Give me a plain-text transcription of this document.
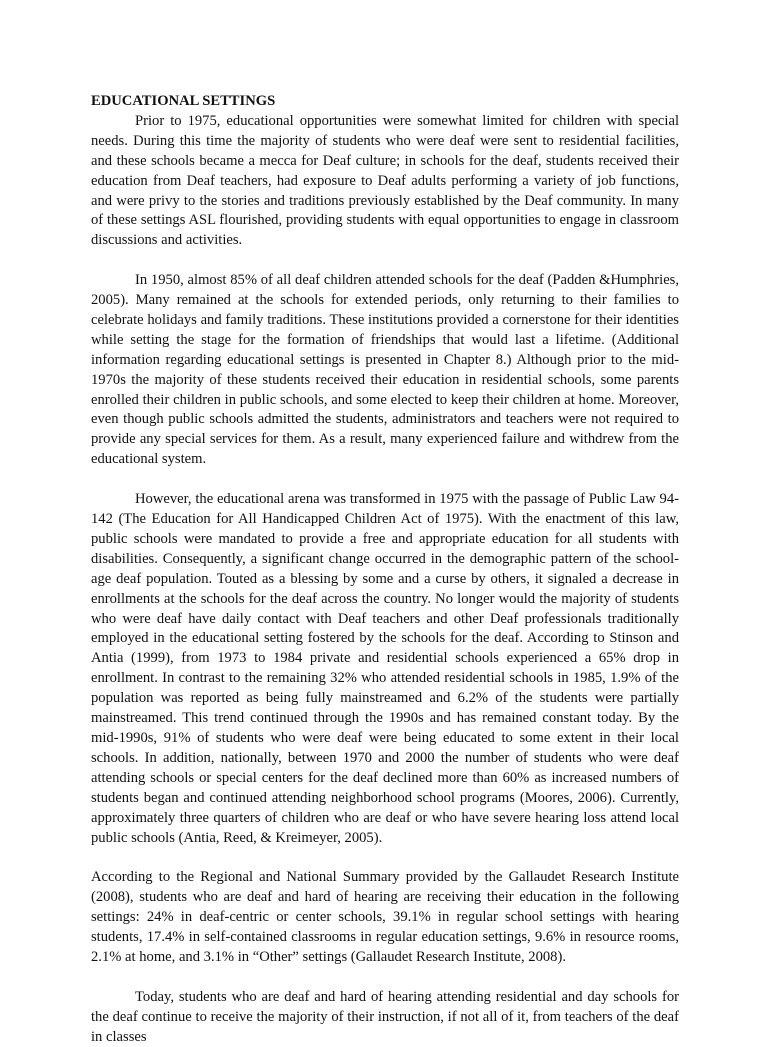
EDUCATIONAL SETTINGS

Prior to 1975, educational opportunities were somewhat limited for children with special needs. During this time the majority of students who were deaf were sent to residential facilities, and these schools became a mecca for Deaf culture; in schools for the deaf, students received their education from Deaf teachers, had exposure to Deaf adults performing a variety of job functions, and were privy to the stories and traditions previously established by the Deaf community. In many of these settings ASL flourished, providing students with equal opportunities to engage in classroom discussions and activities.

In 1950, almost 85% of all deaf children attended schools for the deaf (Padden &Humphries, 2005). Many remained at the schools for extended periods, only returning to their families to celebrate holidays and family traditions. These institutions provided a cornerstone for their identities while setting the stage for the formation of friendships that would last a lifetime. (Additional information regarding educational settings is presented in Chapter 8.) Although prior to the mid-1970s the majority of these students received their education in residential schools, some parents enrolled their children in public schools, and some elected to keep their children at home. Moreover, even though public schools admitted the students, administrators and teachers were not required to provide any special services for them. As a result, many experienced failure and withdrew from the educational system.

However, the educational arena was transformed in 1975 with the passage of Public Law 94-142 (The Education for All Handicapped Children Act of 1975). With the enactment of this law, public schools were mandated to provide a free and appropriate education for all students with disabilities. Consequently, a significant change occurred in the demographic pattern of the school-age deaf population. Touted as a blessing by some and a curse by others, it signaled a decrease in enrollments at the schools for the deaf across the country. No longer would the majority of students who were deaf have daily contact with Deaf teachers and other Deaf professionals traditionally employed in the educational setting fostered by the schools for the deaf. According to Stinson and Antia (1999), from 1973 to 1984 private and residential schools experienced a 65% drop in enrollment. In contrast to the remaining 32% who attended residential schools in 1985, 1.9% of the population was reported as being fully mainstreamed and 6.2% of the students were partially mainstreamed. This trend continued through the 1990s and has remained constant today. By the mid-1990s, 91% of students who were deaf were being educated to some extent in their local schools. In addition, nationally, between 1970 and 2000 the number of students who were deaf attending schools or special centers for the deaf declined more than 60% as increased numbers of students began and continued attending neighborhood school programs (Moores, 2006). Currently, approximately three quarters of children who are deaf or who have severe hearing loss attend local public schools (Antia, Reed, & Kreimeyer, 2005).

According to the Regional and National Summary provided by the Gallaudet Research Institute (2008), students who are deaf and hard of hearing are receiving their education in the following settings: 24% in deaf-centric or center schools, 39.1% in regular school settings with hearing students, 17.4% in self-contained classrooms in regular education settings, 9.6% in resource rooms, 2.1% at home, and 3.1% in “Other” settings (Gallaudet Research Institute, 2008).

Today, students who are deaf and hard of hearing attending residential and day schools for the deaf continue to receive the majority of their instruction, if not all of it, from teachers of the deaf in classes
